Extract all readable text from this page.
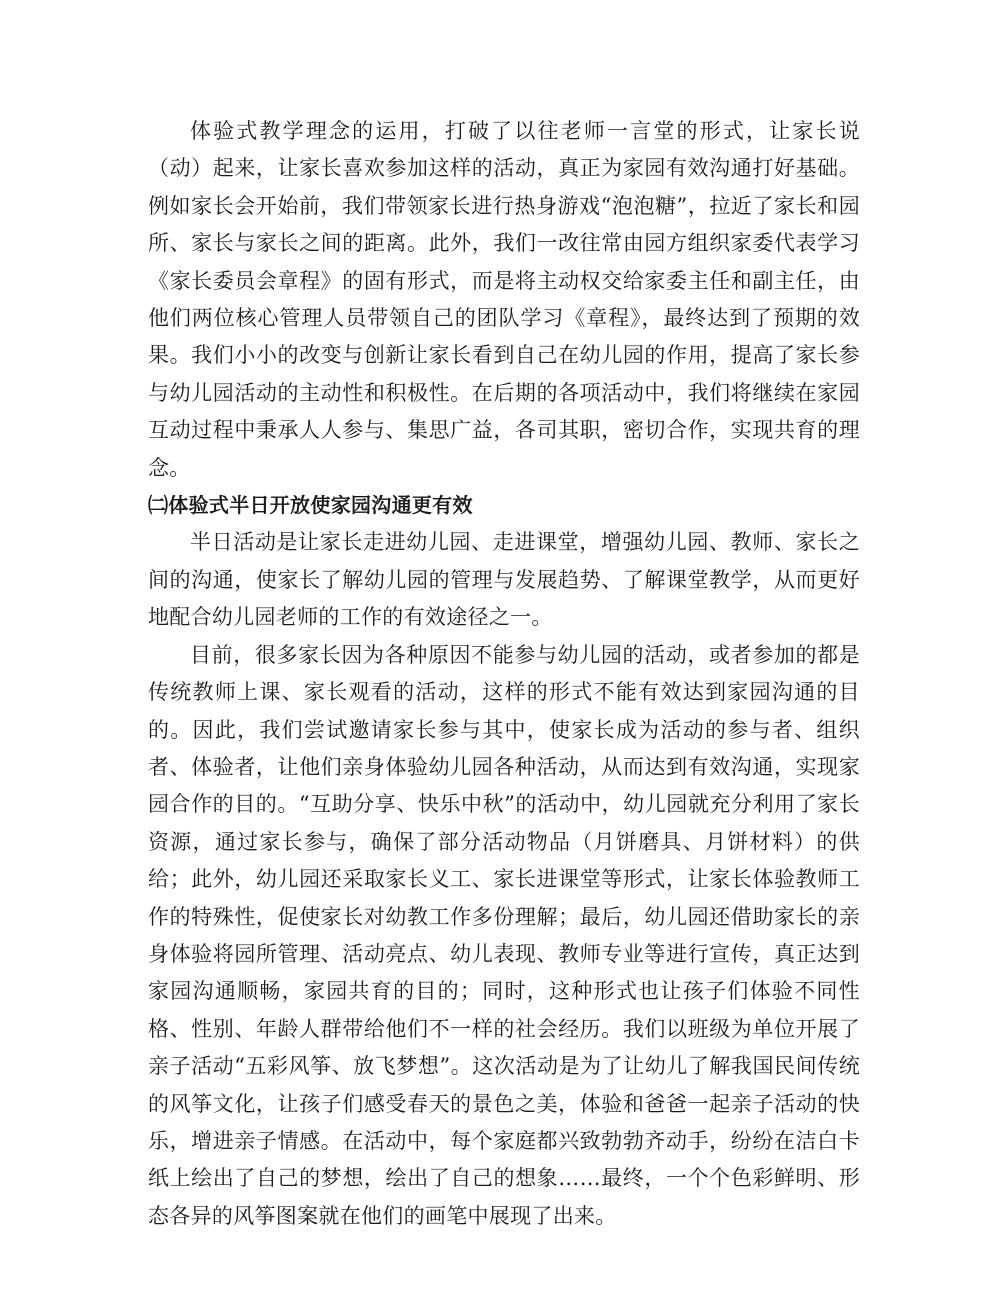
体验式教学理念的运用，打破了以往老师一言堂的形式，让家长说（动）起来，让家长喜欢参加这样的活动，真正为家园有效沟通打好基础。例如家长会开始前，我们带领家长进行热身游戏“泡泡糖”，拉近了家长和园所、家长与家长之间的距离。此外，我们一改往常由园方组织家委代表学习《家长委员会章程》的固有形式，而是将主动权交给家委主任和副主任，由他们两位核心管理人员带领自己的团队学习《章程》，最终达到了预期的效果。我们小小的改变与创新让家长看到自己在幼儿园的作用，提高了家长参与幼儿园活动的主动性和积极性。在后期的各项活动中，我们将继续在家园互动过程中秉承人人参与、集思广益，各司其职，密切合作，实现共育的理念。

㈡体验式半日开放使家园沟通更有效

半日活动是让家长走进幼儿园、走进课堂，增强幼儿园、教师、家长之间的沟通，使家长了解幼儿园的管理与发展趋势、了解课堂教学，从而更好地配合幼儿园老师的工作的有效途径之一。

目前，很多家长因为各种原因不能参与幼儿园的活动，或者参加的都是传统教师上课、家长观看的活动，这样的形式不能有效达到家园沟通的目的。因此，我们尝试邀请家长参与其中，使家长成为活动的参与者、组织者、体验者，让他们亲身体验幼儿园各种活动，从而达到有效沟通，实现家园合作的目的。“互助分享、快乐中秋”的活动中，幼儿园就充分利用了家长资源，通过家长参与，确保了部分活动物品（月饼磨具、月饼材料）的供给；此外，幼儿园还采取家长义工、家长进课堂等形式，让家长体验教师工作的特殊性，促使家长对幼教工作多份理解；最后，幼儿园还借助家长的亲身体验将园所管理、活动亮点、幼儿表现、教师专业等进行宣传，真正达到家园沟通顺畅，家园共育的目的；同时，这种形式也让孩子们体验不同性格、性别、年龄人群带给他们不一样的社会经历。我们以班级为单位开展了亲子活动“五彩风筝、放飞梦想”。这次活动是为了让幼儿了解我国民间传统的风筝文化，让孩子们感受春天的景色之美，体验和爸爸一起亲子活动的快乐，增进亲子情感。在活动中，每个家庭都兴致勃勃齐动手，纷纷在洁白卡纸上绘出了自己的梦想，绘出了自己的想象……最终，一个个色彩鲜明、形态各异的风筝图案就在他们的画笔中展现了出来。
